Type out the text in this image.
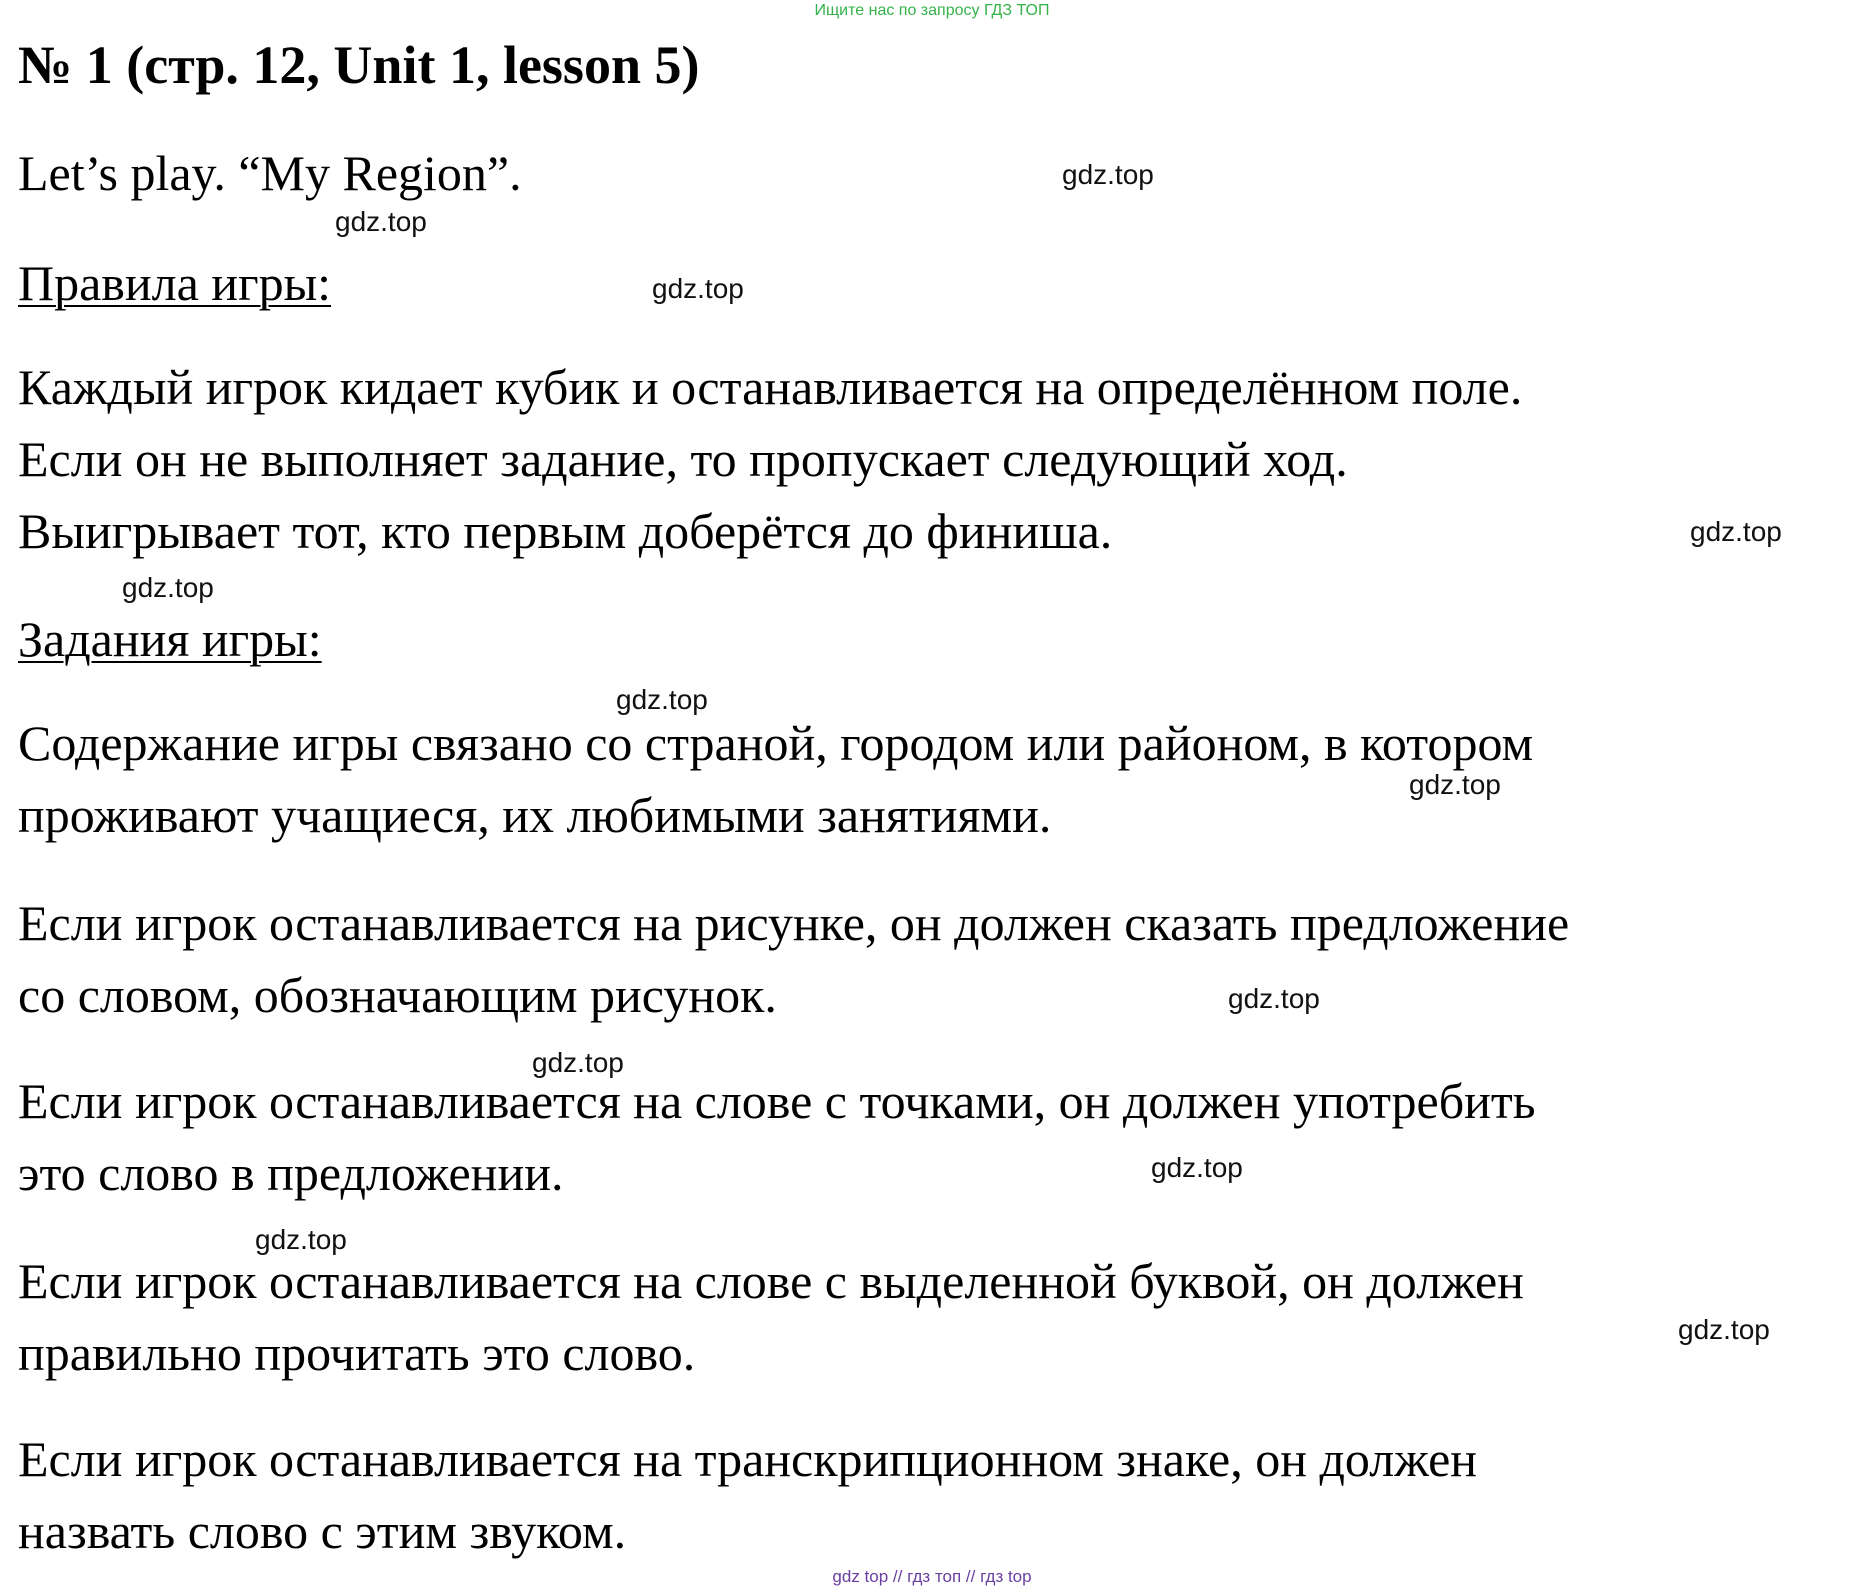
Ищите нас по запросу ГДЗ ТОП
№ 1 (стр. 12, Unit 1, lesson 5)
Let’s play. “My Region”.
Правила игры:
Каждый игрок кидает кубик и останавливается на определённом поле.
Если он не выполняет задание, то пропускает следующий ход.
Выигрывает тот, кто первым доберётся до финиша.
Задания игры:
Содержание игры связано со страной, городом или районом, в котором
проживают учащиеся, их любимыми занятиями.
Если игрок останавливается на рисунке, он должен сказать предложение
со словом, обозначающим рисунок.
Если игрок останавливается на слове с точками, он должен употребить
это слово в предложении.
Если игрок останавливается на слове с выделенной буквой, он должен
правильно прочитать это слово.
Если игрок останавливается на транскрипционном знаке, он должен
назвать слово с этим звуком.
gdz.top
gdz.top
gdz.top
gdz.top
gdz.top
gdz.top
gdz.top
gdz.top
gdz.top
gdz.top
gdz.top
gdz.top
gdz top // гдз топ // гдз top
